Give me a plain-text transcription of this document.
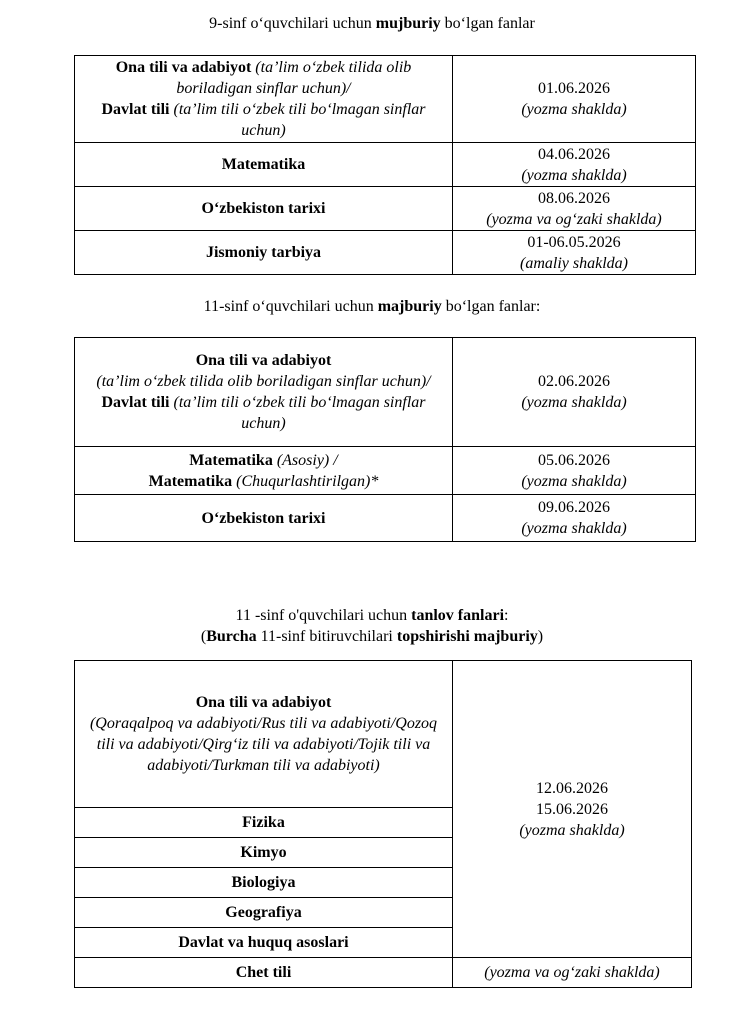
9-sinf o‘quvchilari uchun mujburiy bo‘lgan fanlar
Ona tili va adabiyot (ta’lim o‘zbek tilida olib boriladigan sinflar uchun)/
Davlat tili (ta’lim tili o‘zbek tili bo‘lmagan sinflar uchun)	01.06.2026
(yozma shaklda)

Matematika	04.06.2026
(yozma shaklda)

O‘zbekiston tarixi	08.06.2026
(yozma va og‘zaki shaklda)

Jismoniy tarbiya	01-06.05.2026
(amaliy shaklda)
11-sinf o‘quvchilari uchun majburiy bo‘lgan fanlar:
Ona tili va adabiyot
(ta’lim o‘zbek tilida olib boriladigan sinflar uchun)/
Davlat tili (ta’lim tili o‘zbek tili bo‘lmagan sinflar uchun)	02.06.2026
(yozma shaklda)

Matematika (Asosiy) /
Matematika (Chuqurlashtirilgan)*	05.06.2026
(yozma shaklda)

O‘zbekiston tarixi	09.06.2026
(yozma shaklda)
11 -sinf o'quvchilari uchun tanlov fanlari:
(Burcha 11-sinf bitiruvchilari topshirishi majburiy)
Ona tili va adabiyot
(Qoraqalpoq va adabiyoti/Rus tili va adabiyoti/Qozoq tili va adabiyoti/Qirg‘iz tili va adabiyoti/Tojik tili va adabiyoti/Turkman tili va adabiyoti)	12.06.2026
15.06.2026
(yozma shaklda)

Fizika	
Kimyo	
Biologiya	
Geografiya	
Davlat va huquq asoslari	
Chet tili	(yozma va og‘zaki shaklda)
